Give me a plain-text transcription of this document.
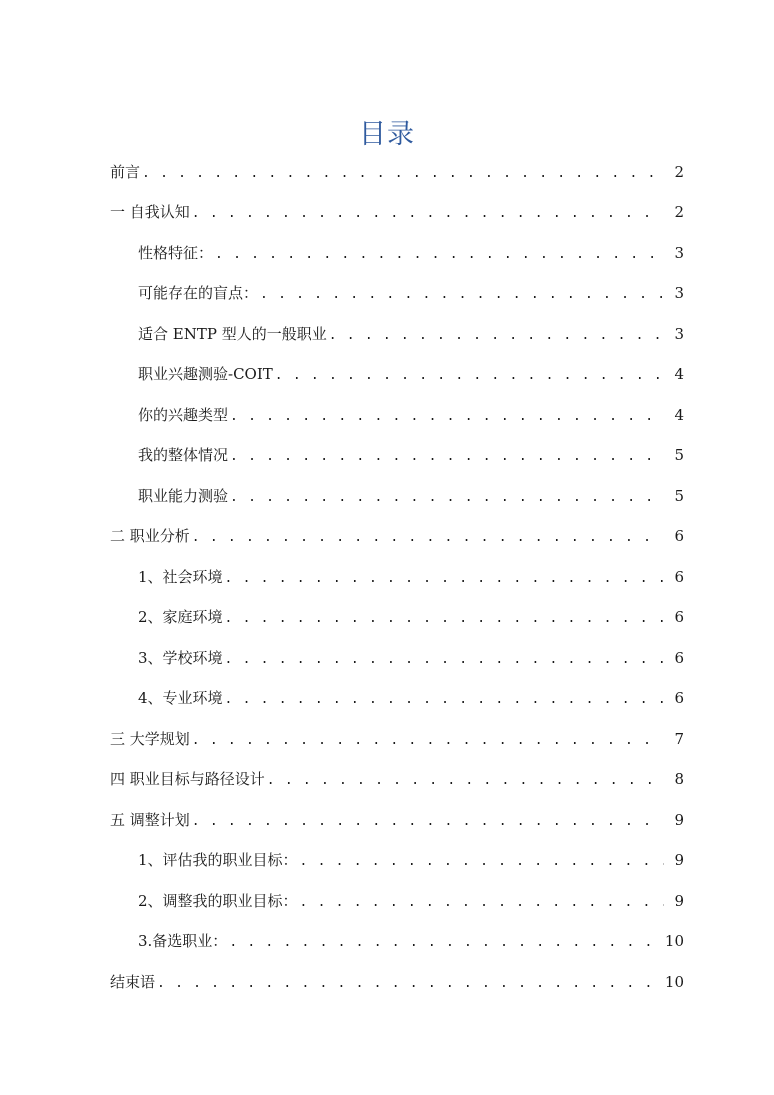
目录
前言 . . .	2
一 自我认知 . . .	2
性格特征： . . .	3
可能存在的盲点： . . .	3
适合 ENTP 型人的一般职业 . . .	3
职业兴趣测验-COIT . . .	4
你的兴趣类型 . . .	4
我的整体情况 . . .	5
职业能力测验 . . .	5
二 职业分析 . . .	6
1、社会环境 . . .	6
2、家庭环境 . . .	6
3、学校环境 . . .	6
4、专业环境 . . .	6
三 大学规划 . . .	7
四 职业目标与路径设计 . . .	8
五 调整计划 . . .	9
1、评估我的职业目标： . . .	9
2、调整我的职业目标： . . .	9
3.备选职业： . . .	10
结束语 . . .	10
